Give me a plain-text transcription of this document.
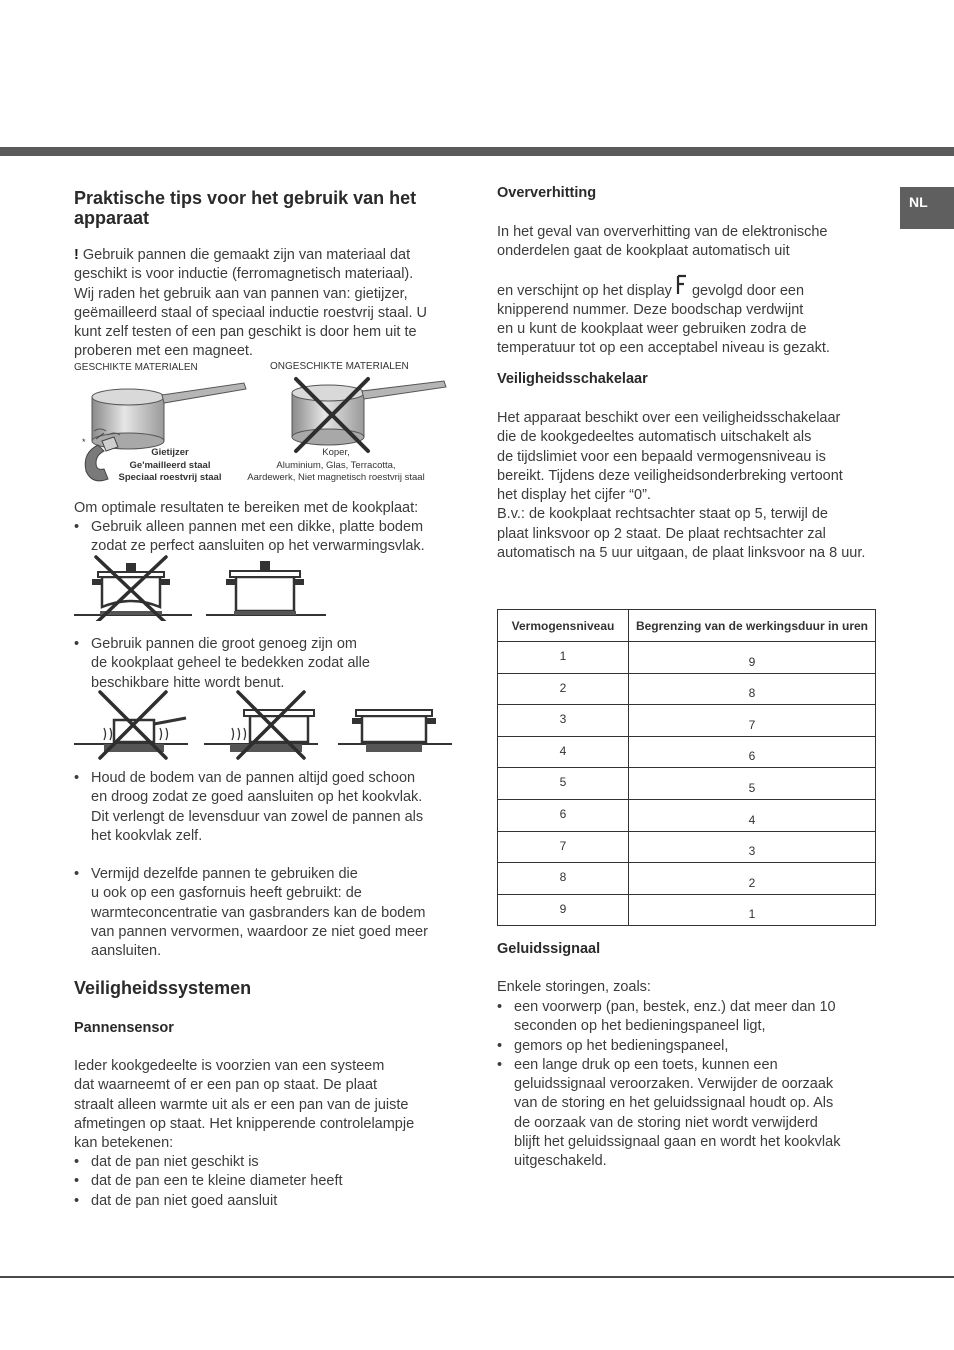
NL
Praktische tips voor het gebruik van het apparaat

! Gebruik pannen die gemaakt zijn van materiaal dat

geschikt is voor inductie (ferromagnetisch materiaal).

Wij raden het gebruik aan van pannen van: gietijzer,

geëmailleerd staal of speciaal inductie roestvrij staal. U

kunt zelf testen of een pan geschikt is door hem uit te

proberen met een magneet.

GESCHIKTE MATERIALEN	ONGESCHIKTE MATERIALEN
*
Gietijzer
Ge'mailleerd staal
Speciaal roestvrij staal
Koper,
Aluminium, Glas, Terracotta,
Aardewerk, Niet magnetisch roestvrij staal
Om optimale resultaten te bereiken met de kookplaat:
• Gebruik alleen pannen met een dikke, platte bodem
zodat ze perfect aansluiten op het verwarmingsvlak.
• Gebruik pannen die groot genoeg zijn om
de kookplaat geheel te bedekken zodat alle
beschikbare hitte wordt benut.
• Houd de bodem van de pannen altijd goed schoon
en droog zodat ze goed aansluiten op het kookvlak.
Dit verlengt de levensduur van zowel de pannen als
het kookvlak zelf.
• Vermijd dezelfde pannen te gebruiken die
u ook op een gasfornuis heeft gebruikt: de
warmteconcentratie van gasbranders kan de bodem
van pannen vervormen, waardoor ze niet goed meer
aansluiten.
Veiligheidssystemen
Pannensensor

Ieder kookgedeelte is voorzien van een systeem

dat waarneemt of er een pan op staat. De plaat

straalt alleen warmte uit als er een pan van de juiste

afmetingen op staat. Het knipperende controlelampje

kan betekenen:

• dat de pan niet geschikt is
• dat de pan een te kleine diameter heeft
• dat de pan niet goed aansluit
Oververhitting

In het geval van oververhitting van de elektronische

onderdelen gaat de kookplaat automatisch uit

en verschijnt op het display gevolgd door een

knipperend nummer. Deze boodschap verdwijnt

en u kunt de kookplaat weer gebruiken zodra de

temperatuur tot op een acceptabel niveau is gezakt.

Veiligheidsschakelaar

Het apparaat beschikt over een veiligheidsschakelaar

die de kookgedeeltes automatisch uitschakelt als

de tijdslimiet voor een bepaald vermogensniveau is

bereikt. Tijdens deze veiligheidsonderbreking vertoont

het display het cijfer “0”.

B.v.: de kookplaat rechtsachter staat op 5, terwijl de

plaat linksvoor op 2 staat. De plaat rechtsachter zal

automatisch na 5 uur uitgaan, de plaat linksvoor na 8 uur.

Vermogensniveau	Begrenzing van de werkingsduur in uren
1	9
2	8
3	7
4	6
5	5
6	4
7	3
8	2
9	1
Geluidssignaal
Enkele storingen, zoals:
• een voorwerp (pan, bestek, enz.) dat meer dan 10
seconden op het bedieningspaneel ligt,
• gemors op het bedieningspaneel,
• een lange druk op een toets, kunnen een
geluidssignaal veroorzaken. Verwijder de oorzaak
van de storing en het geluidssignaal houdt op. Als
de oorzaak van de storing niet wordt verwijderd
blijft het geluidssignaal gaan en wordt het kookvlak
uitgeschakeld.
